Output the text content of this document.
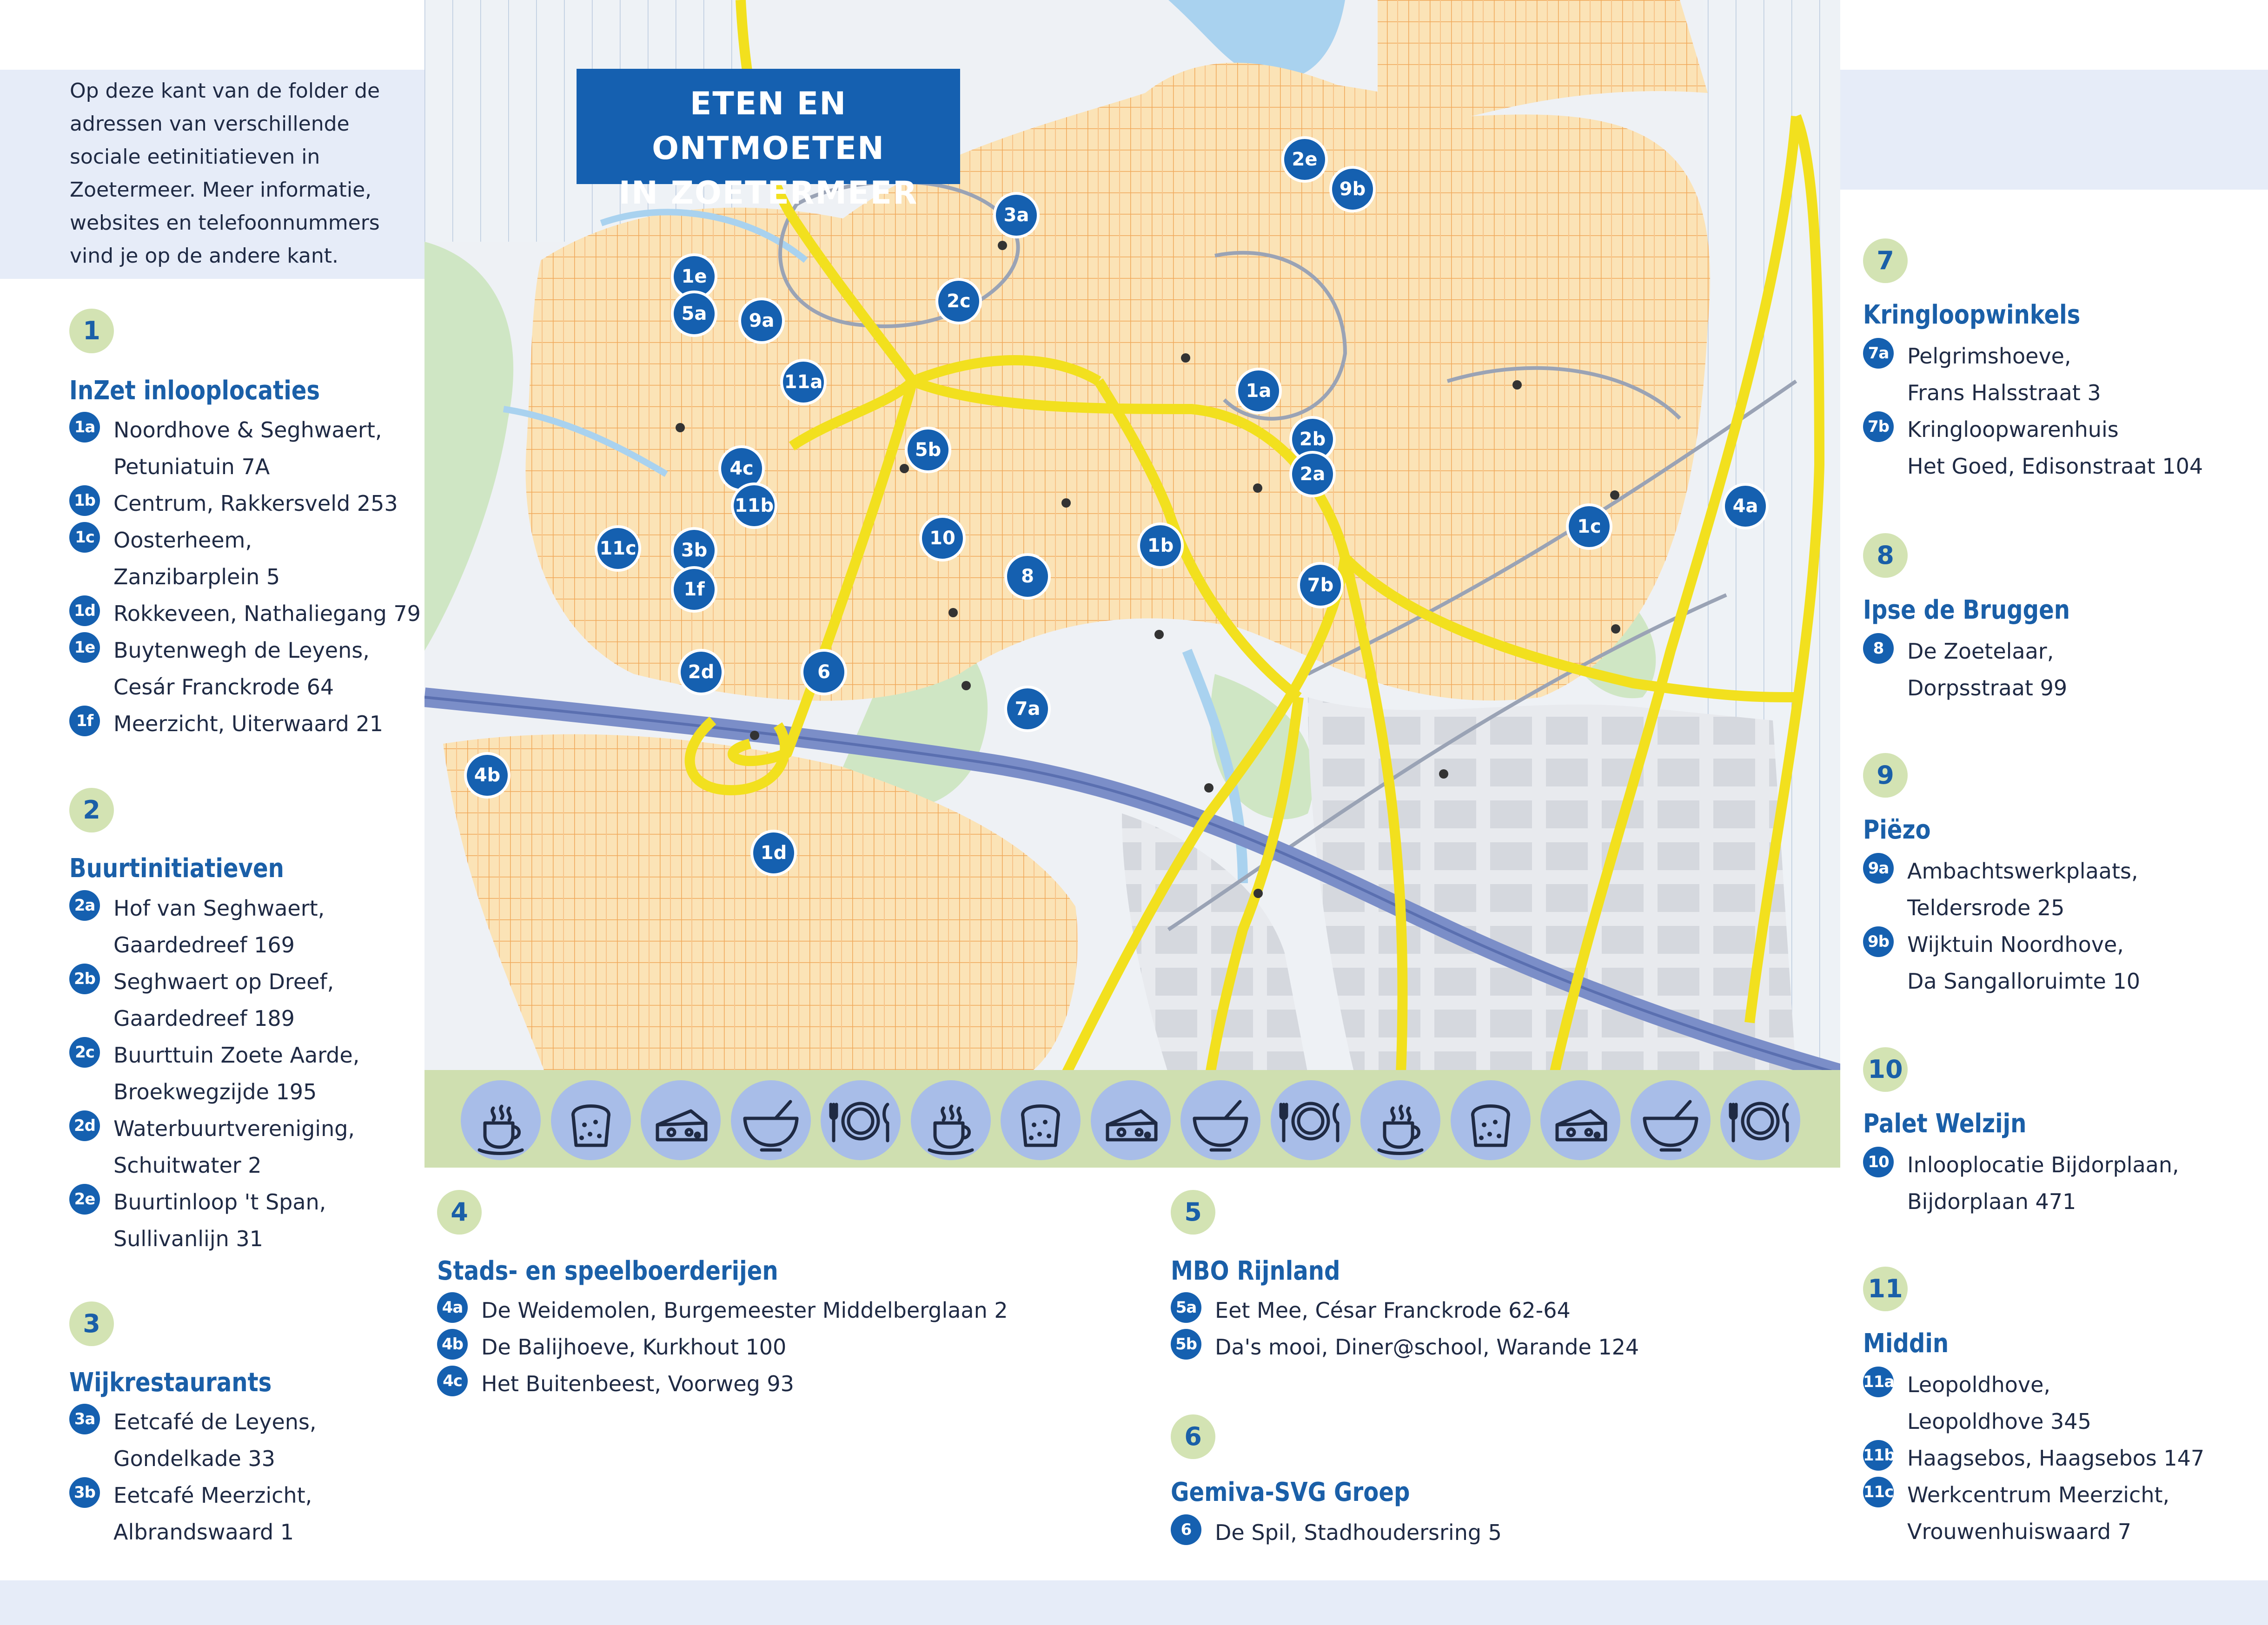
Op deze kant van de folder de
adressen van verschillende
sociale eetinitiatieven in
Zoetermeer. Meer informatie,
websites en telefoonnummers
vind je op de andere kant.
ETEN EN ONTMOETEN
IN ZOETERMEER
2e
9b
3a
1e
5a	9a
2c
11a	1a
2b
2a
5b
4c
11b
10	1b
11c	3b
1f
8	7b
1c
4a
2d	6
7a
4b
1d
1
InZet inlooplocaties
1a Noordhove & Seghwaert,
Petuniatuin 7A
1b Centrum, Rakkersveld 253
1c Oosterheem,
Zanzibarplein 5
1d Rokkeveen, Nathaliegang 79
1e Buytenwegh de Leyens,
Cesár Franckrode 64
1f Meerzicht, Uiterwaard 21
2
Buurtinitiatieven
2a Hof van Seghwaert,
Gaardedreef 169
2b Seghwaert op Dreef,
Gaardedreef 189
2c Buurttuin Zoete Aarde,
Broekwegzijde 195
2d Waterbuurtvereniging,
Schuitwater 2
2e Buurtinloop 't Span,
Sullivanlijn 31
3
Wijkrestaurants
3a Eetcafé de Leyens,
Gondelkade 33
3b Eetcafé Meerzicht,
Albrandswaard 1
4
Stads- en speelboerderijen
4a De Weidemolen, Burgemeester Middelberglaan 2
4b De Balijhoeve, Kurkhout 100
4c Het Buitenbeest, Voorweg 93
5
MBO Rijnland
5a Eet Mee, César Franckrode 62-64
5b Da's mooi, Diner@school, Warande 124
6
Gemiva-SVG Groep
6	De Spil, Stadhoudersring 5
7
Kringloopwinkels
7a Pelgrimshoeve,
Frans Halsstraat 3
7b Kringloopwarenhuis
Het Goed, Edisonstraat 104
8
Ipse de Bruggen
8	De Zoetelaar,
Dorpsstraat 99
9
Piëzo
9a Ambachtswerkplaats,
Teldersrode 25
9b Wijktuin Noordhove,
Da Sangalloruimte 10
10
Palet Welzijn
10 Inlooplocatie Bijdorplaan,
Bijdorplaan 471
11
Middin
11a Leopoldhove,
Leopoldhove 345
11b Haagsebos, Haagsebos 147
11c Werkcentrum Meerzicht,
Vrouwenhuiswaard 7
